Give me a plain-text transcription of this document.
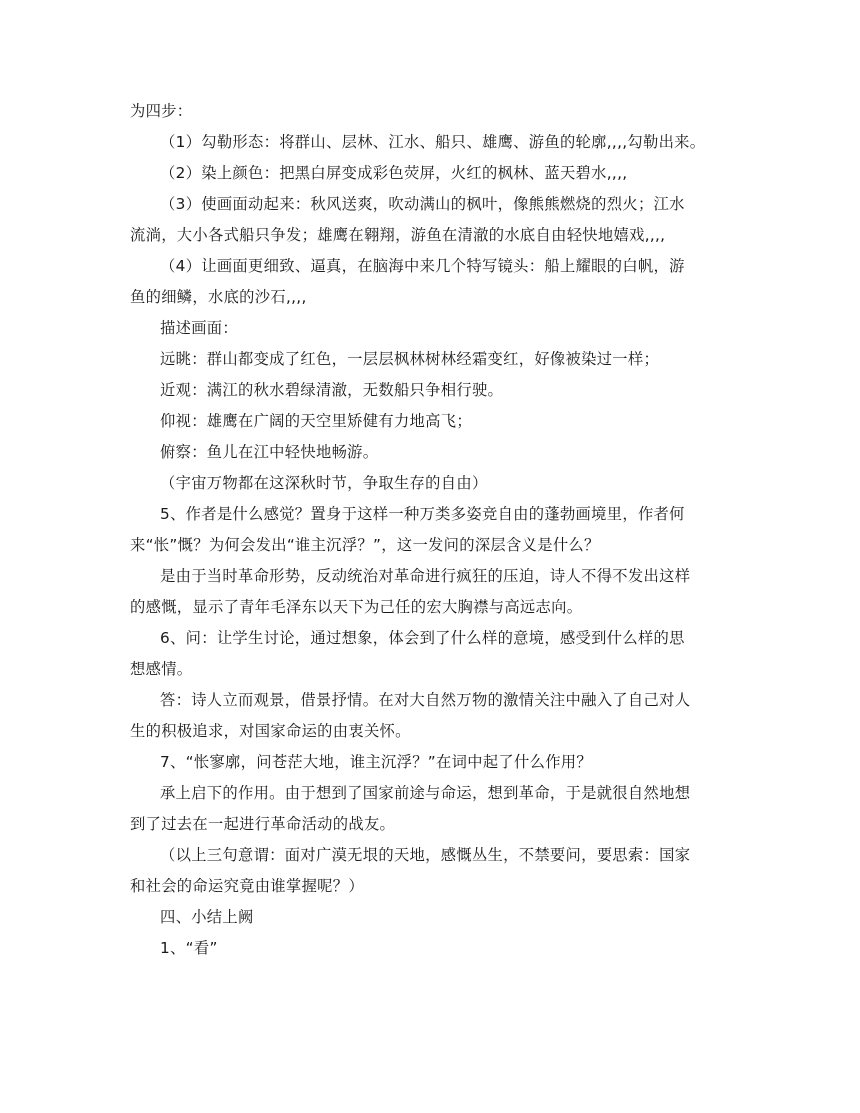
为四步：

（1）勾勒形态：将群山、层林、江水、船只、雄鹰、游鱼的轮廓,,,,勾勒出来。

（2）染上颜色：把黑白屏变成彩色荧屏，火红的枫林、蓝天碧水,,,,

（3）使画面动起来：秋风送爽，吹动满山的枫叶，像熊熊燃烧的烈火；江水

流淌，大小各式船只争发；雄鹰在翱翔，游鱼在清澈的水底自由轻快地嬉戏,,,,

（4）让画面更细致、逼真，在脑海中来几个特写镜头：船上耀眼的白帆，游

鱼的细鳞，水底的沙石,,,,

描述画面：

远眺：群山都变成了红色，一层层枫林树林经霜变红，好像被染过一样；

近观：满江的秋水碧绿清澈，无数船只争相行驶。

仰视：雄鹰在广阔的天空里矫健有力地高飞；

俯察：鱼儿在江中轻快地畅游。

（宇宙万物都在这深秋时节，争取生存的自由）

5、作者是什么感觉？置身于这样一种万类多姿竞自由的蓬勃画境里，作者何

来“怅”慨？为何会发出“谁主沉浮？”，这一发问的深层含义是什么？

是由于当时革命形势，反动统治对革命进行疯狂的压迫，诗人不得不发出这样

的感慨，显示了青年毛泽东以天下为己任的宏大胸襟与高远志向。

6、问：让学生讨论，通过想象，体会到了什么样的意境，感受到什么样的思

想感情。

答：诗人立而观景，借景抒情。在对大自然万物的激情关注中融入了自己对人

生的积极追求，对国家命运的由衷关怀。

7、“怅寥廓，问苍茫大地，谁主沉浮？”在词中起了什么作用？

承上启下的作用。由于想到了国家前途与命运，想到革命，于是就很自然地想

到了过去在一起进行革命活动的战友。

（以上三句意谓：面对广漠无垠的天地，感慨丛生，不禁要问，要思索：国家

和社会的命运究竟由谁掌握呢？）

四、小结上阙

1、“看”
